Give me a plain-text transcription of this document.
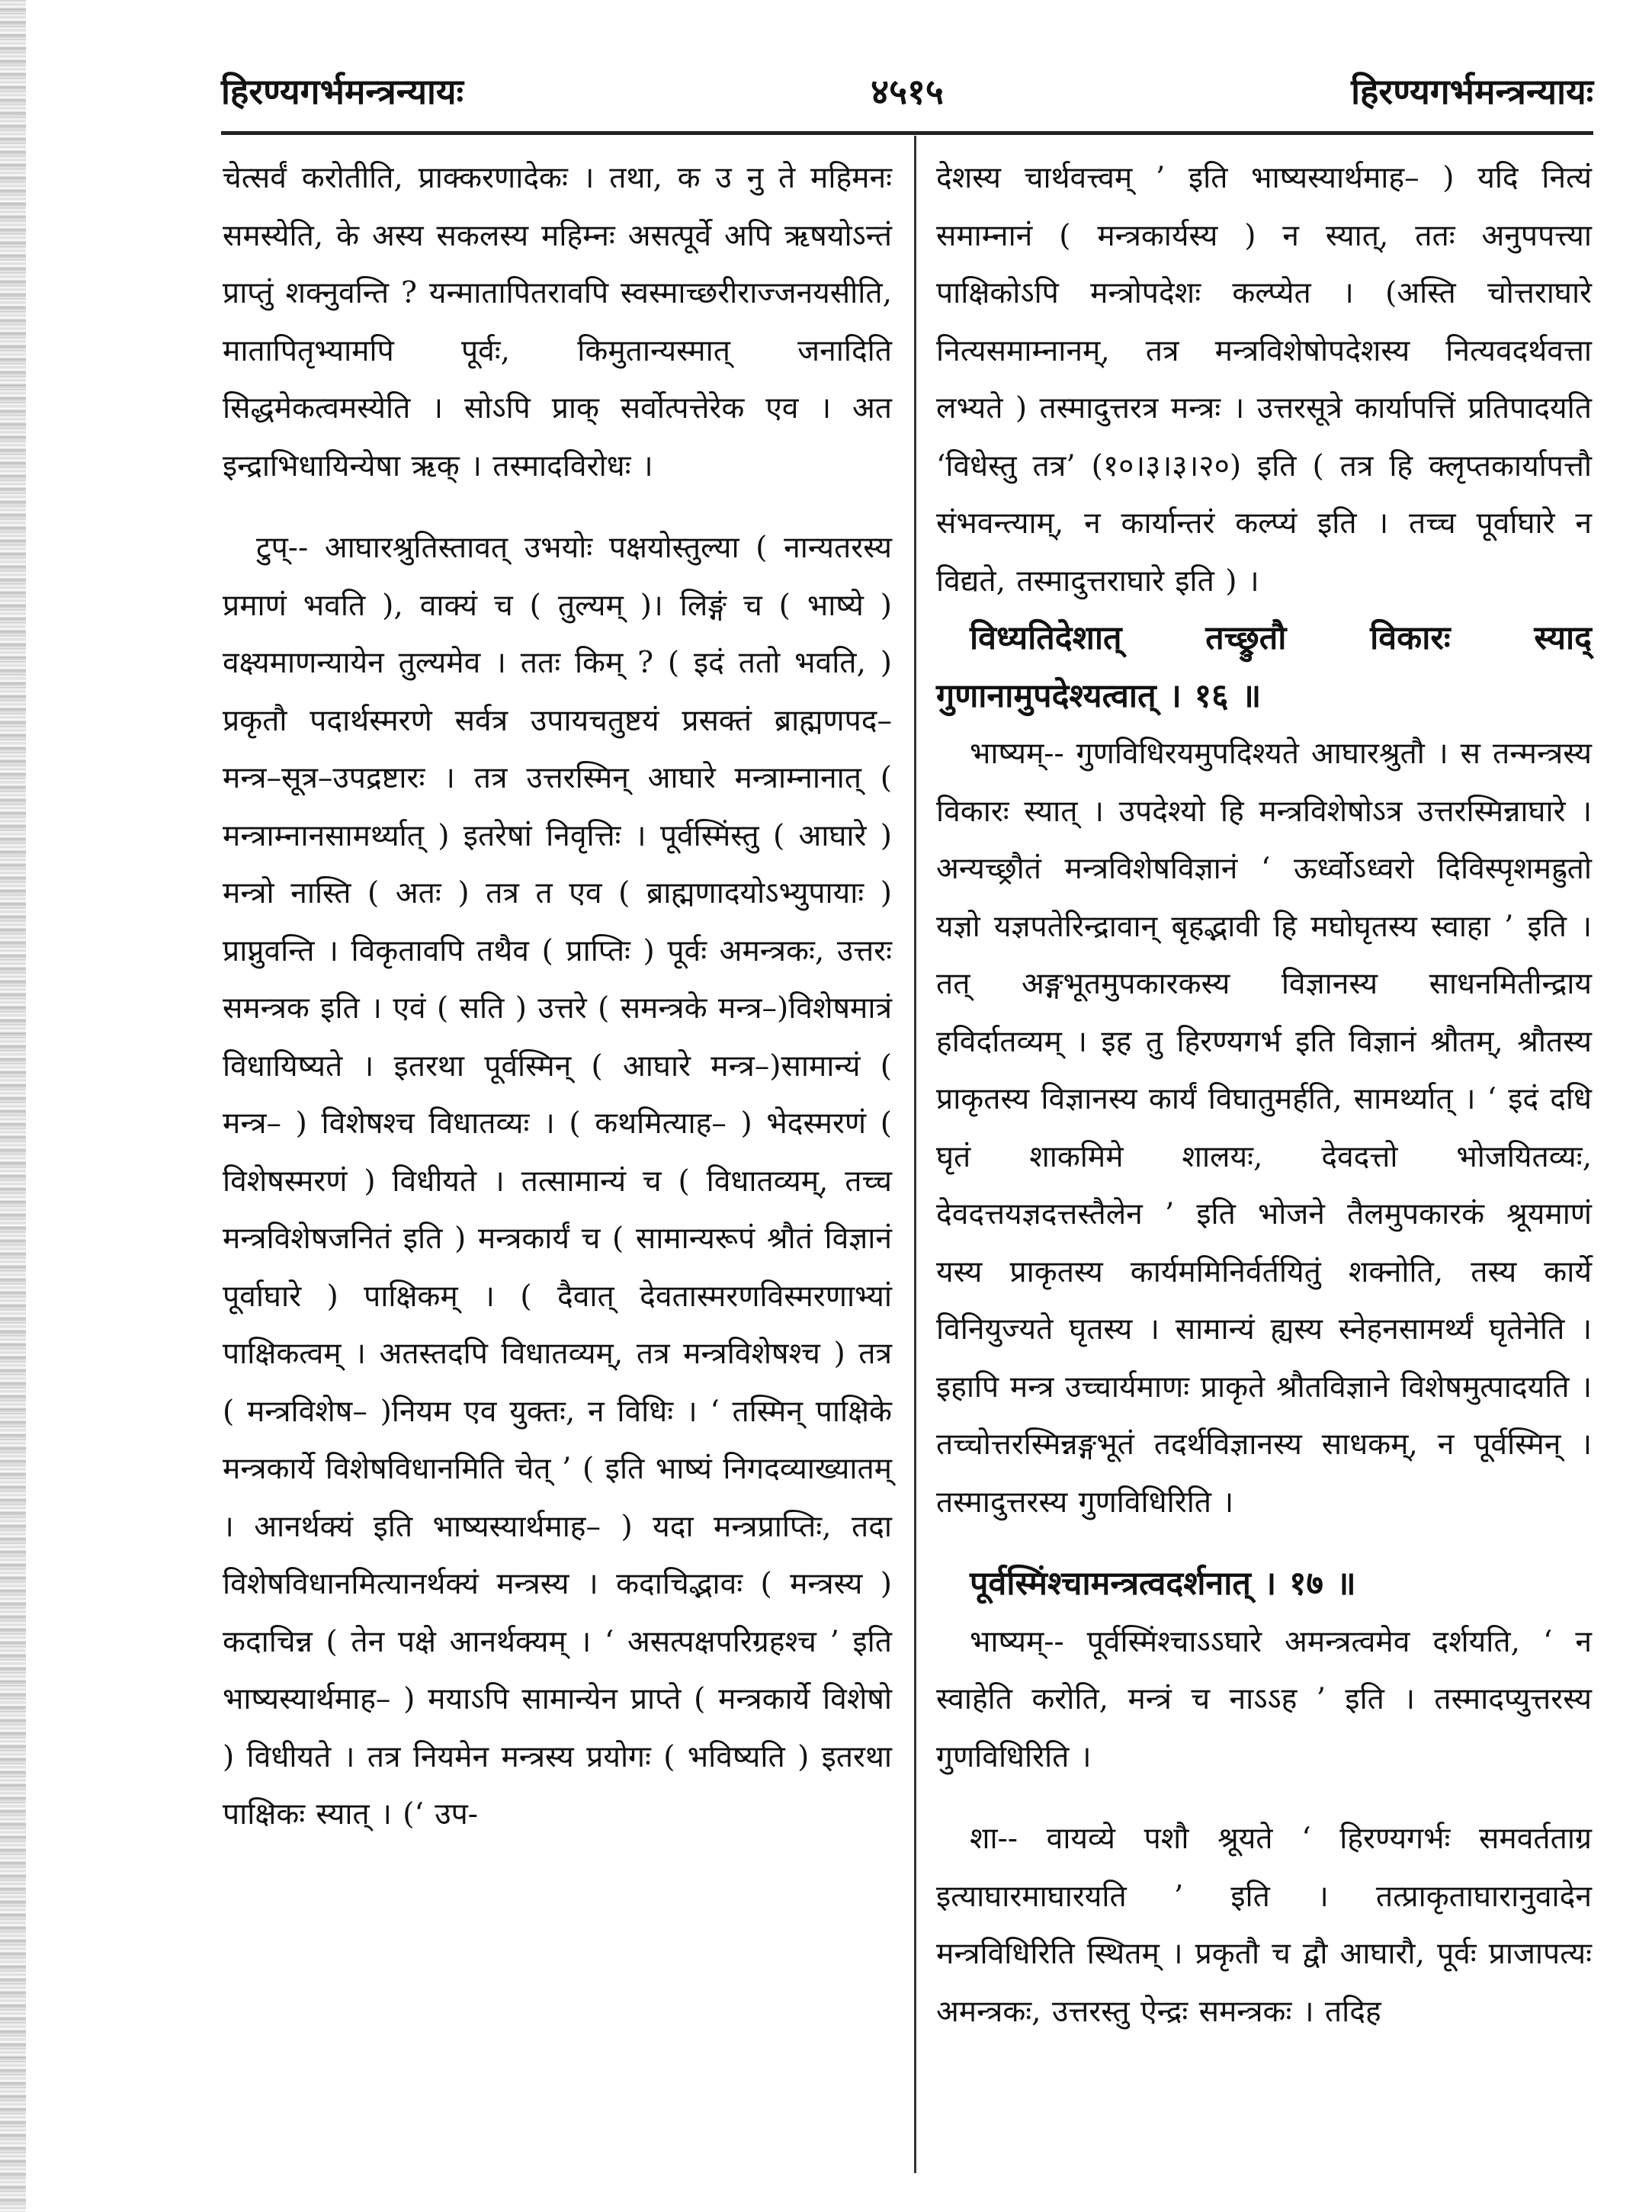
हिरण्यगर्भमन्त्रन्यायः	४५१५	हिरण्यगर्भमन्त्रन्यायः

चेत्सर्वं करोतीति, प्राक्करणादेकः । तथा, क उ नु ते महिमनः समस्येति, के अस्य सकलस्य महिम्नः असत्पूर्वे अपि ऋषयोऽन्तं प्राप्तुं शक्नुवन्ति ? यन्मातापितरावपि स्वस्माच्छरीराज्जनयसीति, मातापितृभ्यामपि पूर्वः, किमुतान्यस्मात् जनादिति सिद्धमेकत्वमस्येति । सोऽपि प्राक् सर्वोत्पत्तेरेक एव । अत इन्द्राभिधायिन्येषा ऋक् । तस्मादविरोधः ।

टुप्-- आघारश्रुतिस्तावत् उभयोः पक्षयोस्तुल्या ( नान्यतरस्य प्रमाणं भवति ), वाक्यं च ( तुल्यम् )। लिङ्गं च ( भाष्ये ) वक्ष्यमाणन्यायेन तुल्यमेव । ततः किम् ? ( इदं ततो भवति, ) प्रकृतौ पदार्थस्मरणे सर्वत्र उपायचतुष्टयं प्रसक्तं ब्राह्मणपद–मन्त्र–सूत्र–उपद्रष्टारः । तत्र उत्तरस्मिन् आघारे मन्त्राम्नानात् ( मन्त्राम्नानसामर्थ्यात् ) इतरेषां निवृत्तिः । पूर्वस्मिंस्तु ( आघारे ) मन्त्रो नास्ति ( अतः ) तत्र त एव ( ब्राह्मणादयोऽभ्युपायाः ) प्राप्नुवन्ति । विकृतावपि तथैव ( प्राप्तिः ) पूर्वः अमन्त्रकः, उत्तरः समन्त्रक इति । एवं ( सति ) उत्तरे ( समन्त्रके मन्त्र–)विशेषमात्रं विधायिष्यते । इतरथा पूर्वस्मिन् ( आघारे मन्त्र–)सामान्यं ( मन्त्र– ) विशेषश्च विधातव्यः । ( कथमित्याह– ) भेदस्मरणं ( विशेषस्मरणं ) विधीयते । तत्सामान्यं च ( विधातव्यम्, तच्च मन्त्रविशेषजनितं इति ) मन्त्रकार्यं च ( सामान्यरूपं श्रौतं विज्ञानं पूर्वाघारे ) पाक्षिकम् । ( दैवात् देवतास्मरणविस्मरणाभ्यां पाक्षिकत्वम् । अतस्तदपि विधातव्यम्, तत्र मन्त्रविशेषश्च ) तत्र ( मन्त्रविशेष– )नियम एव युक्तः, न विधिः । ‘ तस्मिन् पाक्षिके मन्त्रकार्ये विशेषविधानमिति चेत् ’ ( इति भाष्यं निगदव्याख्यातम् । आनर्थक्यं इति भाष्यस्यार्थमाह– ) यदा मन्त्रप्राप्तिः, तदा विशेषविधानमित्यानर्थक्यं मन्त्रस्य । कदाचिद्भावः ( मन्त्रस्य ) कदाचिन्न ( तेन पक्षे आनर्थक्यम् । ‘ असत्पक्षपरिग्रहश्च ’ इति भाष्यस्यार्थमाह– ) मयाऽपि सामान्येन प्राप्ते ( मन्त्रकार्ये विशेषो ) विधीयते । तत्र नियमेन मन्त्रस्य प्रयोगः ( भविष्यति ) इतरथा पाक्षिकः स्यात् । (‘ उप-

देशस्य चार्थवत्त्वम् ’ इति भाष्यस्यार्थमाह– ) यदि नित्यं समाम्नानं ( मन्त्रकार्यस्य ) न स्यात्, ततः अनुपपत्त्या पाक्षिकोऽपि मन्त्रोपदेशः कल्प्येत । (अस्ति चोत्तराघारे नित्यसमाम्नानम्, तत्र मन्त्रविशेषोपदेशस्य नित्यवदर्थवत्ता लभ्यते ) तस्मादुत्तरत्र मन्त्रः । उत्तरसूत्रे कार्यापत्तिं प्रतिपादयति ‘विधेस्तु तत्र’ (१०।३।३।२०) इति ( तत्र हि क्लृप्तकार्यापत्तौ संभवन्त्याम्, न कार्यान्तरं कल्प्यं इति । तच्च पूर्वाघारे न विद्यते, तस्मादुत्तराघारे इति ) ।

विध्यतिदेशात् तच्छ्रुतौ विकारः स्याद् गुणानामुपदेश्यत्वात् । १६ ॥

भाष्यम्-- गुणविधिरयमुपदिश्यते आघारश्रुतौ । स तन्मन्त्रस्य विकारः स्यात् । उपदेश्यो हि मन्त्रविशेषोऽत्र उत्तरस्मिन्नाघारे । अन्यच्छ्रौतं मन्त्रविशेषविज्ञानं ‘ ऊर्ध्वोऽध्वरो दिविस्पृशमह्रुतो यज्ञो यज्ञपतेरिन्द्रावान् बृहद्भावी हि मघोघृतस्य स्वाहा ’ इति । तत् अङ्गभूतमुपकारकस्य विज्ञानस्य साधनमितीन्द्राय हविर्दातव्यम् । इह तु हिरण्यगर्भ इति विज्ञानं श्रौतम्, श्रौतस्य प्राकृतस्य विज्ञानस्य कार्यं विघातुमर्हति, सामर्थ्यात् । ‘ इदं दधि घृतं शाकमिमे शालयः, देवदत्तो भोजयितव्यः, देवदत्तयज्ञदत्तस्तैलेन ’ इति भोजने तैलमुपकारकं श्रूयमाणं यस्य प्राकृतस्य कार्यममिनिर्वर्तयितुं शक्नोति, तस्य कार्ये विनियुज्यते घृतस्य । सामान्यं ह्यस्य स्नेहनसामर्थ्यं घृतेनेति । इहापि मन्त्र उच्चार्यमाणः प्राकृते श्रौतविज्ञाने विशेषमुत्पादयति । तच्चोत्तरस्मिन्नङ्गभूतं तदर्थविज्ञानस्य साधकम्, न पूर्वस्मिन् । तस्मादुत्तरस्य गुणविधिरिति ।

पूर्वस्मिंश्चामन्त्रत्वदर्शनात् । १७ ॥

भाष्यम्-- पूर्वस्मिंश्चाऽऽघारे अमन्त्रत्वमेव दर्शयति, ‘ न स्वाहेति करोति, मन्त्रं च नाऽऽह ’ इति । तस्मादप्युत्तरस्य गुणविधिरिति ।

शा-- वायव्ये पशौ श्रूयते ‘ हिरण्यगर्भः समवर्तताग्र इत्याघारमाघारयति ’ इति । तत्प्राकृताघारानुवादेन मन्त्रविधिरिति स्थितम् । प्रकृतौ च द्वौ आघारौ, पूर्वः प्राजापत्यः अमन्त्रकः, उत्तरस्तु ऐन्द्रः समन्त्रकः । तदिह
